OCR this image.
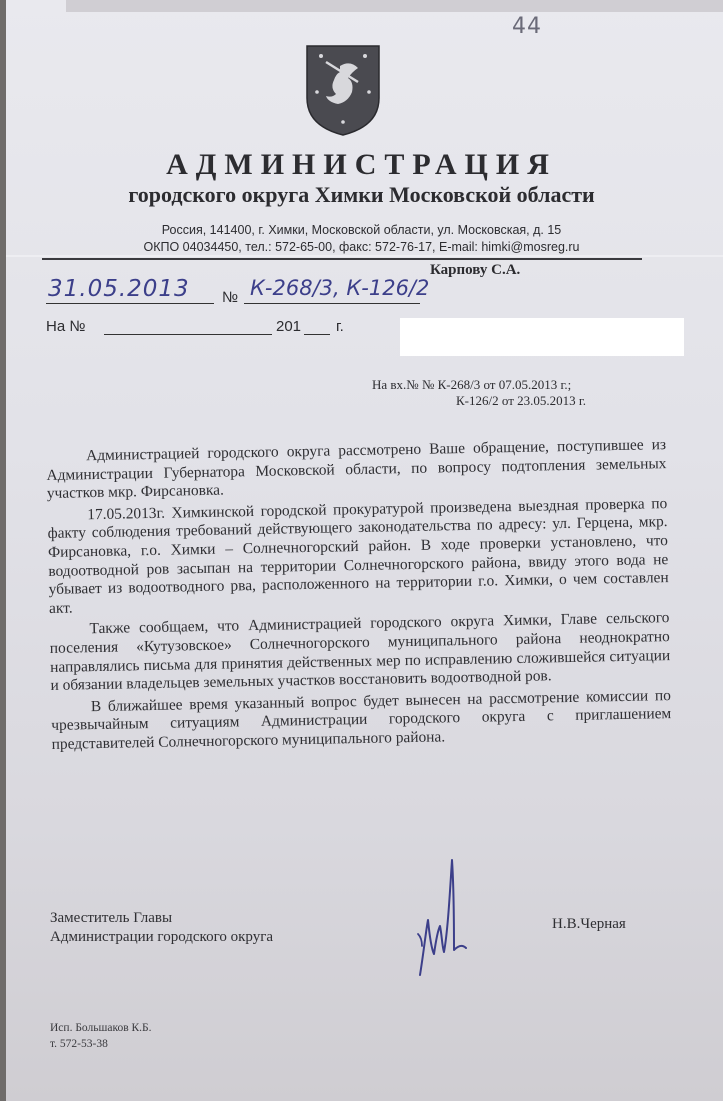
44
АДМИНИСТРАЦИЯ
городского округа Химки Московской области
Россия, 141400, г. Химки, Московской области, ул. Московская, д. 15
ОКПО 04034450, тел.: 572-65-00, факс: 572-76-17, E-mail: himki@mosreg.ru
31.05.2013 № К-268/3, К-126/2
Карпову С.А.
На №	201 г.
На вх.№ № К-268/3 от 07.05.2013 г.;
К-126/2 от 23.05.2013 г.

Администрацией городского округа рассмотрено Ваше обращение, поступившее из Администрации Губернатора Московской области, по вопросу подтопления земельных участков мкр. Фирсановка.

17.05.2013г. Химкинской городской прокуратурой произведена выездная проверка по факту соблюдения требований действующего законодательства по адресу: ул. Герцена, мкр. Фирсановка, г.о. Химки – Солнечногорский район. В ходе проверки установлено, что водоотводной ров засыпан на территории Солнечногорского района, ввиду этого вода не убывает из водоотводного рва, расположенного на территории г.о. Химки, о чем составлен акт.

Также сообщаем, что Администрацией городского округа Химки, Главе сельского поселения «Кутузовское» Солнечногорского муниципального района неоднократно направлялись письма для принятия действенных мер по исправлению сложившейся ситуации и обязании владельцев земельных участков восстановить водоотводной ров.

В ближайшее время указанный вопрос будет вынесен на рассмотрение комиссии по чрезвычайным ситуациям Администрации городского округа с приглашением представителей Солнечногорского муниципального района.

Заместитель Главы
Администрации городского округа
Н.В.Черная
Исп. Большаков К.Б.
т. 572-53-38
